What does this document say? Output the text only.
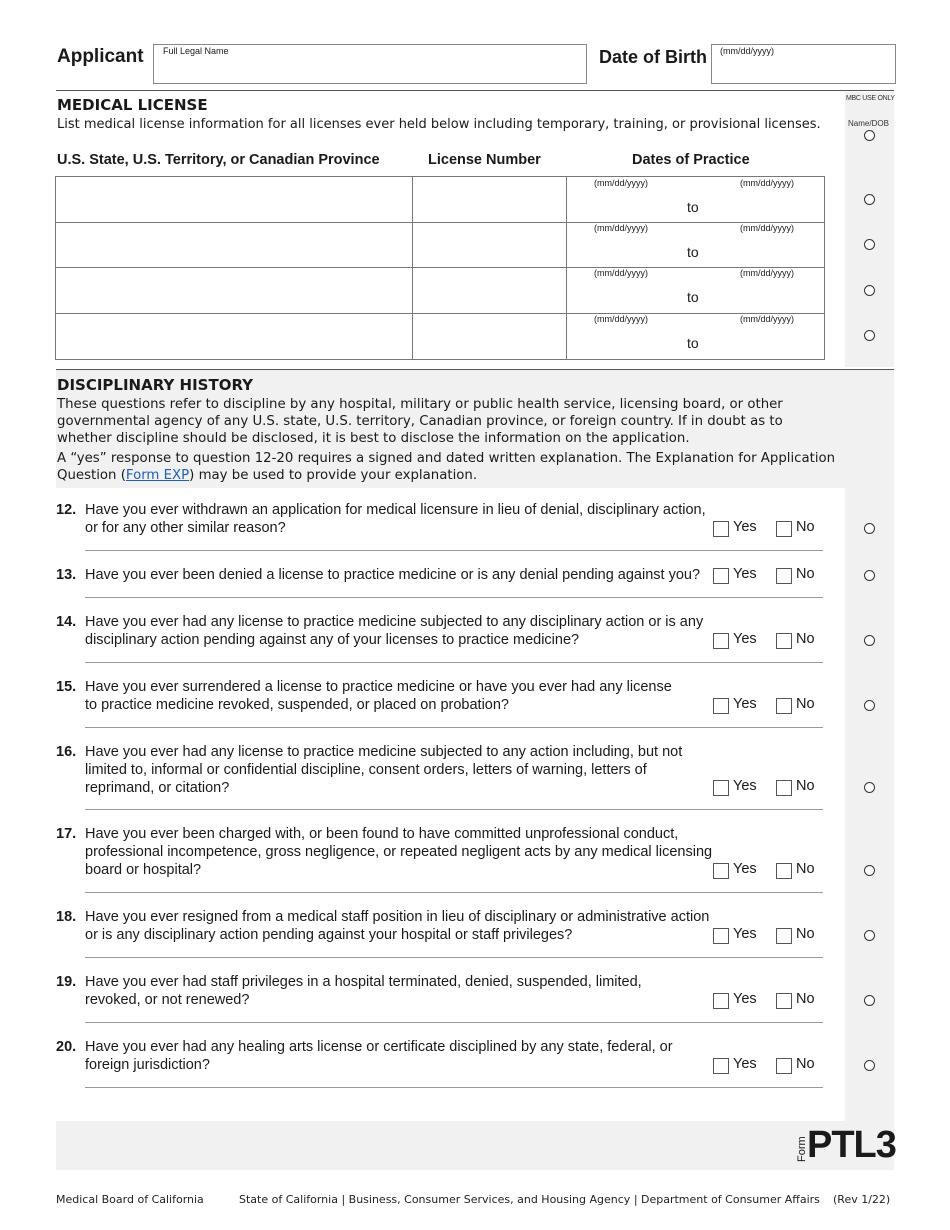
Applicant Full Legal Name	Date of Birth (mm/dd/yyyy)
MBC USE ONLY
Name/DOB
MEDICAL LICENSE
List medical license information for all licenses ever held below including temporary, training, or provisional licenses.
U.S. State, U.S. Territory, or Canadian Province	License Number	Dates of Practice
(mm/dd/yyyy)	(mm/dd/yyyy)
to
(mm/dd/yyyy)	(mm/dd/yyyy)
to
(mm/dd/yyyy)	(mm/dd/yyyy)
to
(mm/dd/yyyy)	(mm/dd/yyyy)
to
DISCIPLINARY HISTORY
These questions refer to discipline by any hospital, military or public health service, licensing board, or other governmental agency of any U.S. state, U.S. territory, Canadian province, or foreign country. If in doubt as to whether discipline should be disclosed, it is best to disclose the information on the application.
A “yes” response to question 12-20 requires a signed and dated written explanation. The Explanation for Application Question (Form EXP) may be used to provide your explanation.
12. Have you ever withdrawn an application for medical licensure in lieu of denial, disciplinary action, or for any other similar reason?	Yes	No
13. Have you ever been denied a license to practice medicine or is any denial pending against you?	Yes	No
14. Have you ever had any license to practice medicine subjected to any disciplinary action or is any disciplinary action pending against any of your licenses to practice medicine?	Yes	No
15. Have you ever surrendered a license to practice medicine or have you ever had any license to practice medicine revoked, suspended, or placed on probation?	Yes	No
16. Have you ever had any license to practice medicine subjected to any action including, but not limited to, informal or confidential discipline, consent orders, letters of warning, letters of reprimand, or citation?	Yes	No
17. Have you ever been charged with, or been found to have committed unprofessional conduct, professional incompetence, gross negligence, or repeated negligent acts by any medical licensing board or hospital?	Yes	No
18. Have you ever resigned from a medical staff position in lieu of disciplinary or administrative action or is any disciplinary action pending against your hospital or staff privileges?	Yes	No
19. Have you ever had staff privileges in a hospital terminated, denied, suspended, limited, revoked, or not renewed?	Yes	No
20. Have you ever had any healing arts license or certificate disciplined by any state, federal, or foreign jurisdiction?	Yes	No
Form PTL3
Medical Board of California	State of California | Business, Consumer Services, and Housing Agency | Department of Consumer Affairs (Rev 1/22)
